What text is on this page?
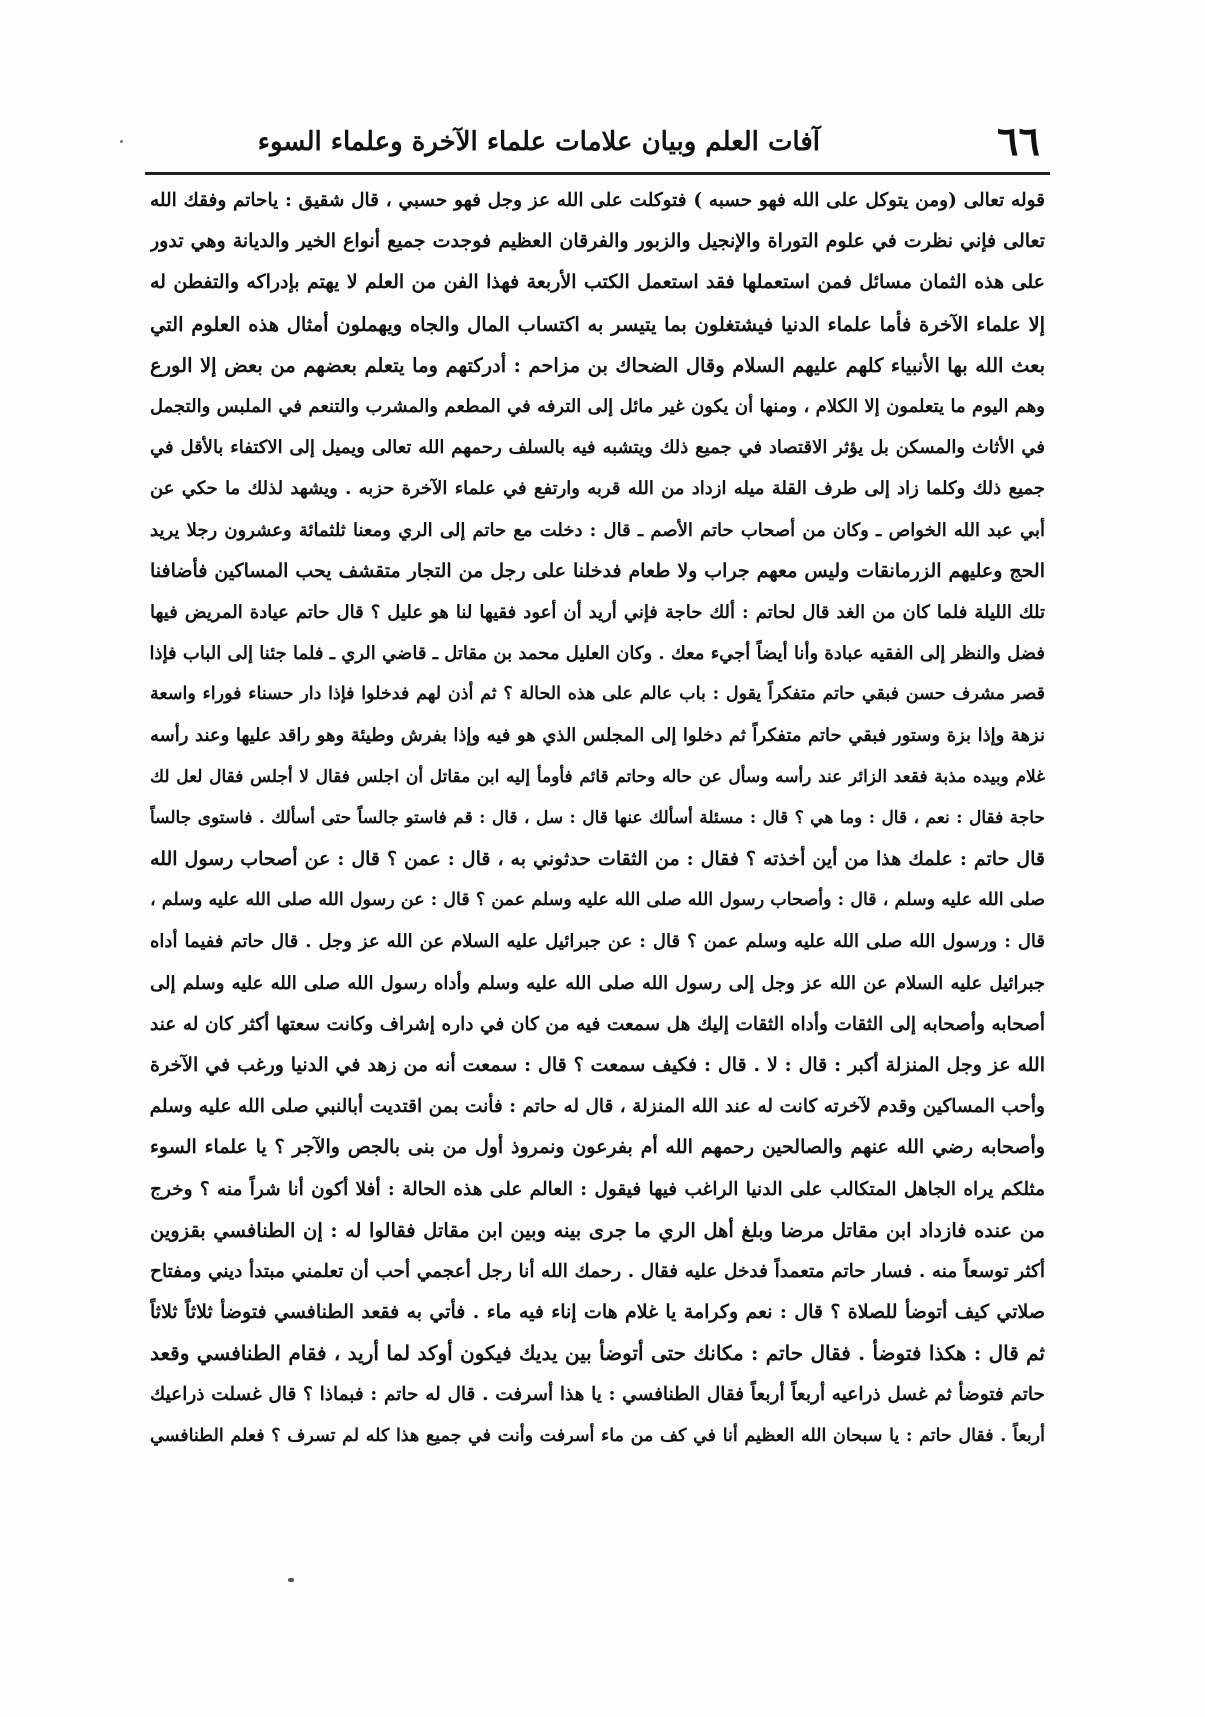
٦٦
آفات العلم وبيان علامات علماء الآخرة وعلماء السوء
قوله تعالى (ومن يتوكل على الله فهو حسبه ) فتوكلت على الله عز وجل فهو حسبي ، قال شقيق : ياحاتم وفقك الله
تعالى فإني نظرت في علوم التوراة والإنجيل والزبور والفرقان العظيم فوجدت جميع أنواع الخير والديانة وهي تدور
على هذه الثمان مسائل فمن استعملها فقد استعمل الكتب الأربعة فهذا الفن من العلم لا يهتم بإدراكه والتفطن له
إلا علماء الآخرة فأما علماء الدنيا فيشتغلون بما يتيسر به اكتساب المال والجاه ويهملون أمثال هذه العلوم التي
بعث الله بها الأنبياء كلهم عليهم السلام وقال الضحاك بن مزاحم : أدركتهم وما يتعلم بعضهم من بعض إلا الورع
وهم اليوم ما يتعلمون إلا الكلام ، ومنها أن يكون غير مائل إلى الترفه في المطعم والمشرب والتنعم في الملبس والتجمل
في الأثاث والمسكن بل يؤثر الاقتصاد في جميع ذلك ويتشبه فيه بالسلف رحمهم الله تعالى ويميل إلى الاكتفاء بالأقل في
جميع ذلك وكلما زاد إلى طرف القلة ميله ازداد من الله قربه وارتفع في علماء الآخرة حزبه . ويشهد لذلك ما حكي عن
أبي عبد الله الخواص ـ وكان من أصحاب حاتم الأصم ـ قال : دخلت مع حاتم إلى الري ومعنا ثلثمائة وعشرون رجلا يريد
الحج وعليهم الزرمانقات وليس معهم جراب ولا طعام فدخلنا على رجل من التجار متقشف يحب المساكين فأضافنا
تلك الليلة فلما كان من الغد قال لحاتم : ألك حاجة فإني أريد أن أعود فقيها لنا هو عليل ؟ قال حاتم عيادة المريض فيها
فضل والنظر إلى الفقيه عبادة وأنا أيضاً أجيء معك . وكان العليل محمد بن مقاتل ـ قاضي الري ـ فلما جئنا إلى الباب فإذا
قصر مشرف حسن فبقي حاتم متفكراً يقول : باب عالم على هذه الحالة ؟ ثم أذن لهم فدخلوا فإذا دار حسناء فوراء واسعة
نزهة وإذا بزة وستور فبقي حاتم متفكراً ثم دخلوا إلى المجلس الذي هو فيه وإذا بفرش وطيئة وهو راقد عليها وعند رأسه
غلام وبيده مذبة فقعد الزائر عند رأسه وسأل عن حاله وحاتم قائم فأومأ إليه ابن مقاتل أن اجلس فقال لا أجلس فقال لعل لك
حاجة فقال : نعم ، قال : وما هي ؟ قال : مسئلة أسألك عنها قال : سل ، قال : قم فاستو جالساً حتى أسألك . فاستوى جالساً
قال حاتم : علمك هذا من أين أخذته ؟ فقال : من الثقات حدثوني به ، قال : عمن ؟ قال : عن أصحاب رسول الله
صلى الله عليه وسلم ، قال : وأصحاب رسول الله صلى الله عليه وسلم عمن ؟ قال : عن رسول الله صلى الله عليه وسلم ،
قال : ورسول الله صلى الله عليه وسلم عمن ؟ قال : عن جبرائيل عليه السلام عن الله عز وجل . قال حاتم ففيما أداه
جبرائيل عليه السلام عن الله عز وجل إلى رسول الله صلى الله عليه وسلم وأداه رسول الله صلى الله عليه وسلم إلى
أصحابه وأصحابه إلى الثقات وأداه الثقات إليك هل سمعت فيه من كان في داره إشراف وكانت سعتها أكثر كان له عند
الله عز وجل المنزلة أكبر : قال : لا . قال : فكيف سمعت ؟ قال : سمعت أنه من زهد في الدنيا ورغب في الآخرة
وأحب المساكين وقدم لآخرته كانت له عند الله المنزلة ، قال له حاتم : فأنت بمن اقتديت أبالنبي صلى الله عليه وسلم
وأصحابه رضي الله عنهم والصالحين رحمهم الله أم بفرعون ونمروذ أول من بنى بالجص والآجر ؟ يا علماء السوء
مثلكم يراه الجاهل المتكالب على الدنيا الراغب فيها فيقول : العالم على هذه الحالة : أفلا أكون أنا شراً منه ؟ وخرج
من عنده فازداد ابن مقاتل مرضا وبلغ أهل الري ما جرى بينه وبين ابن مقاتل فقالوا له : إن الطنافسي بقزوين
أكثر توسعاً منه . فسار حاتم متعمداً فدخل عليه فقال . رحمك الله أنا رجل أعجمي أحب أن تعلمني مبتدأ ديني ومفتاح
صلاتي كيف أتوضأ للصلاة ؟ قال : نعم وكرامة يا غلام هات إناء فيه ماء . فأتي به فقعد الطنافسي فتوضأ ثلاثاً ثلاثاً
ثم قال : هكذا فتوضأ . فقال حاتم : مكانك حتى أتوضأ بين يديك فيكون أوكد لما أريد ، فقام الطنافسي وقعد
حاتم فتوضأ ثم غسل ذراعيه أربعاً أربعاً فقال الطنافسي : يا هذا أسرفت . قال له حاتم : فبماذا ؟ قال غسلت ذراعيك
أربعاً . فقال حاتم : يا سبحان الله العظيم أنا في كف من ماء أسرفت وأنت في جميع هذا كله لم تسرف ؟ فعلم الطنافسي
